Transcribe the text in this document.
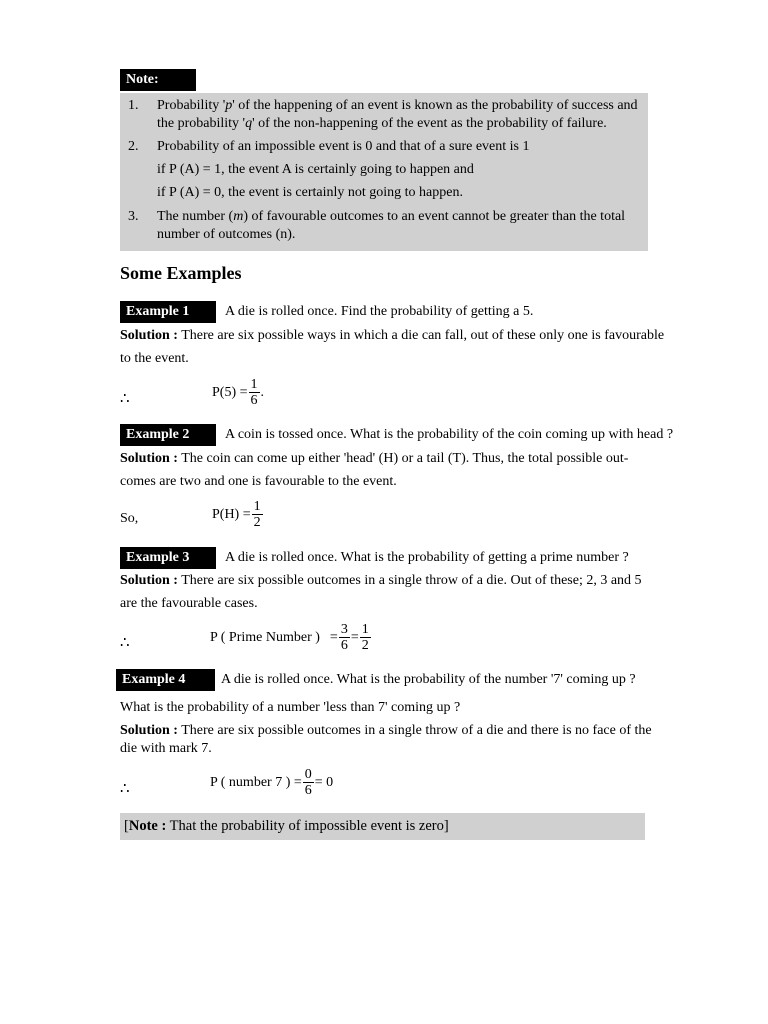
Note:
1. Probability 'p' of the happening of an event is known as the probability of success and
the probability 'q' of the non-happening of the event as the probability of failure.
2. Probability of an impossible event is 0 and that of a sure event is 1
if P (A) = 1, the event A is certainly going to happen and
if P (A) = 0, the event is certainly not going to happen.
3. The number (m) of favourable outcomes to an event cannot be greater than the total
number of outcomes (n).
Some Examples
Example 1	A die is rolled once. Find the probability of getting a 5.
Solution : There are six possible ways in which a die can fall, out of these only one is favourable
to the event.
∴	$P(5) = \frac{1}{6}$ .
Example 2	A coin is tossed once. What is the probability of the coin coming up with head ?
Solution : The coin can come up either 'head' (H) or a tail (T). Thus, the total possible out-
comes are two and one is favourable to the event.
So,	$P(H) = \frac{1}{2}$
Example 3	A die is rolled once. What is the probability of getting a prime number ?
Solution : There are six possible outcomes in a single throw of a die. Out of these; 2, 3 and 5
are the favourable cases.
∴	P ( Prime Number ) = $\frac{3}{6} = \frac{1}{2}$
Example 4	A die is rolled once. What is the probability of the number '7' coming up ?
What is the probability of a number 'less than 7' coming up ?
Solution : There are six possible outcomes in a single throw of a die and there is no face of the
die with mark 7.
∴	P ( number 7 ) = $\frac{0}{6} = 0$
[Note : That the probability of impossible event is zero]
